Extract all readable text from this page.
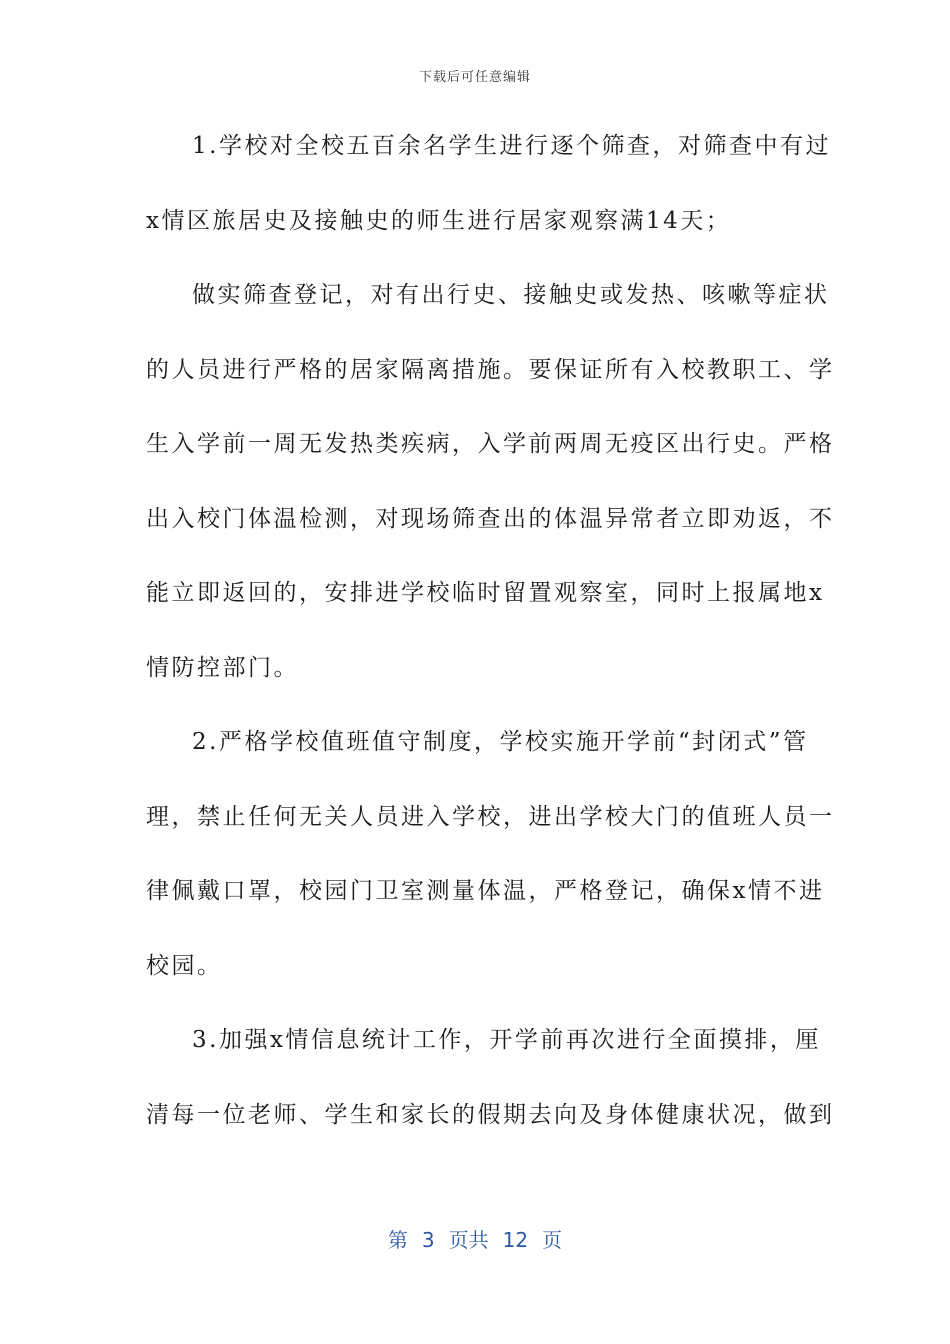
下载后可任意编辑
1.学校对全校五百余名学生进行逐个筛查，对筛查中有过
x情区旅居史及接触史的师生进行居家观察满14天；
做实筛查登记，对有出行史、接触史或发热、咳嗽等症状
的人员进行严格的居家隔离措施。要保证所有入校教职工、学
生入学前一周无发热类疾病，入学前两周无疫区出行史。严格
出入校门体温检测，对现场筛查出的体温异常者立即劝返，不
能立即返回的，安排进学校临时留置观察室，同时上报属地x
情防控部门。
2.严格学校值班值守制度，学校实施开学前“封闭式”管
理，禁止任何无关人员进入学校，进出学校大门的值班人员一
律佩戴口罩，校园门卫室测量体温，严格登记，确保x情不进
校园。
3.加强x情信息统计工作，开学前再次进行全面摸排，厘
清每一位老师、学生和家长的假期去向及身体健康状况，做到
第 3 页共 12 页
